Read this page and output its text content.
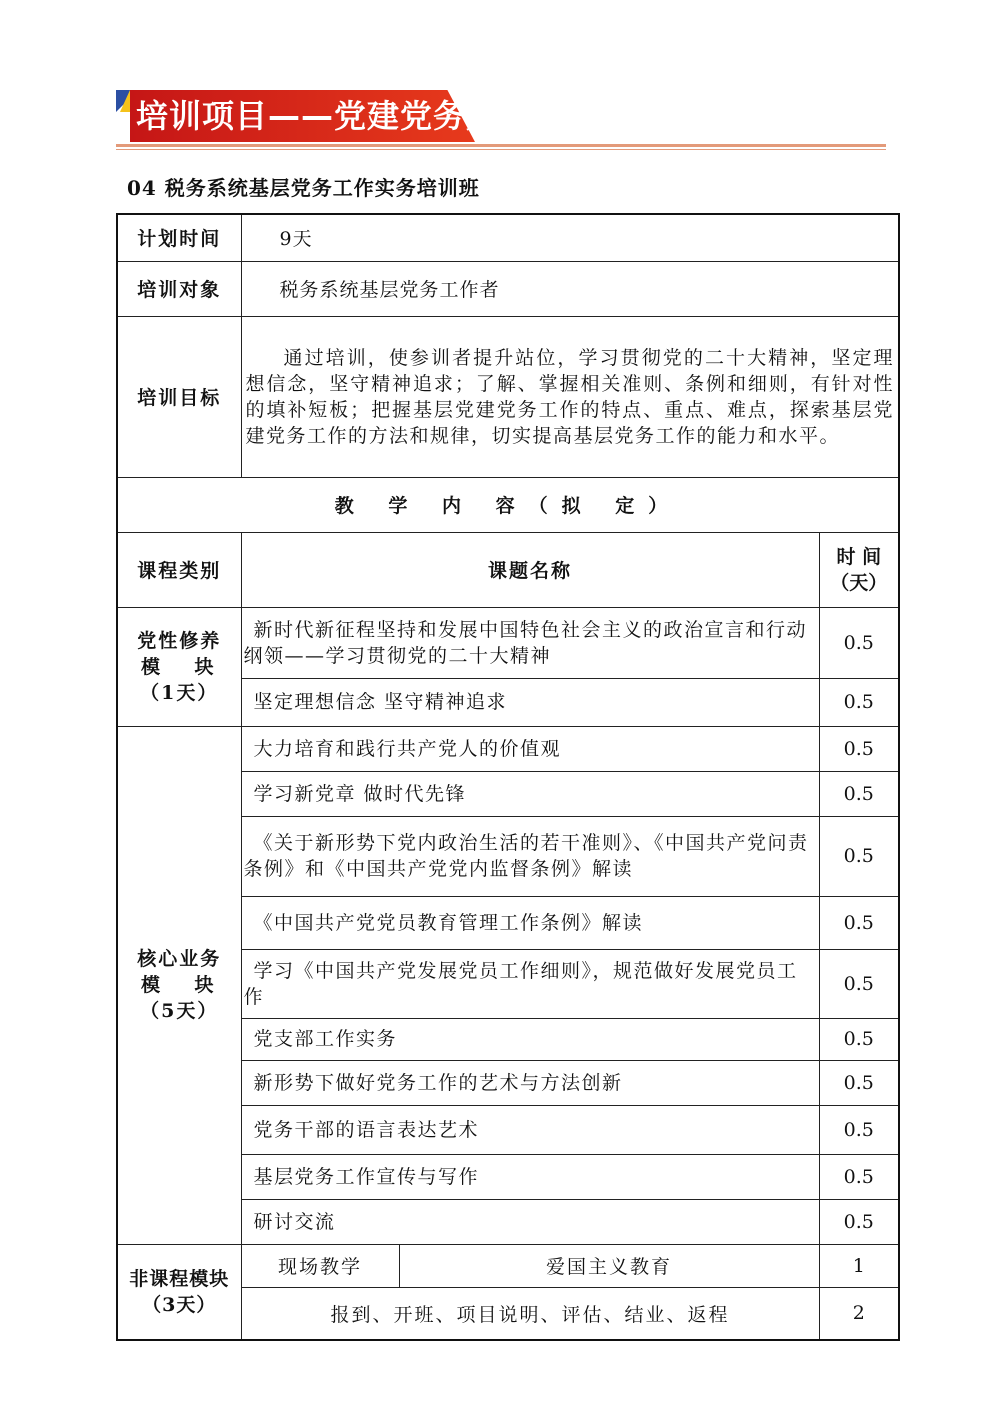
培训项目——党建党务类
04 税务系统基层党务工作实务培训班
计划时间	9天		
培训对象	税务系统基层党务工作者		
培训目标	通过培训，使参训者提升站位，学习贯彻党的二十大精神，坚定理想信念，坚守精神追求；了解、掌握相关准则、条例和细则，有针对性的填补短板；把握基层党建党务工作的特点、重点、难点，探索基层党建党务工作的方法和规律，切实提高基层党务工作的能力和水平。		
教 学 内 容（拟 定）			
课程类别	课题名称		时 间
（天）

党性修养
模 块
（1天）	新时代新征程坚持和发展中国特色社会主义的政治宣言和行动纲领——学习贯彻党的二十大精神		0.5
	坚定理想信念 坚守精神追求		0.5

核心业务
模 块
（5天）	大力培育和践行共产党人的价值观		0.5
	学习新党章 做时代先锋		0.5
	《关于新形势下党内政治生活的若干准则》、《中国共产党问责条例》和《中国共产党党内监督条例》解读		0.5
	《中国共产党党员教育管理工作条例》解读		0.5
	学习《中国共产党发展党员工作细则》，规范做好发展党员工作		0.5
	党支部工作实务		0.5
	新形势下做好党务工作的艺术与方法创新		0.5
	党务干部的语言表达艺术		0.5
	基层党务工作宣传与写作		0.5
	研讨交流		0.5

非课程模块
（3天）	现场教学	爱国主义教育	1
	报到、开班、项目说明、评估、结业、返程		2
